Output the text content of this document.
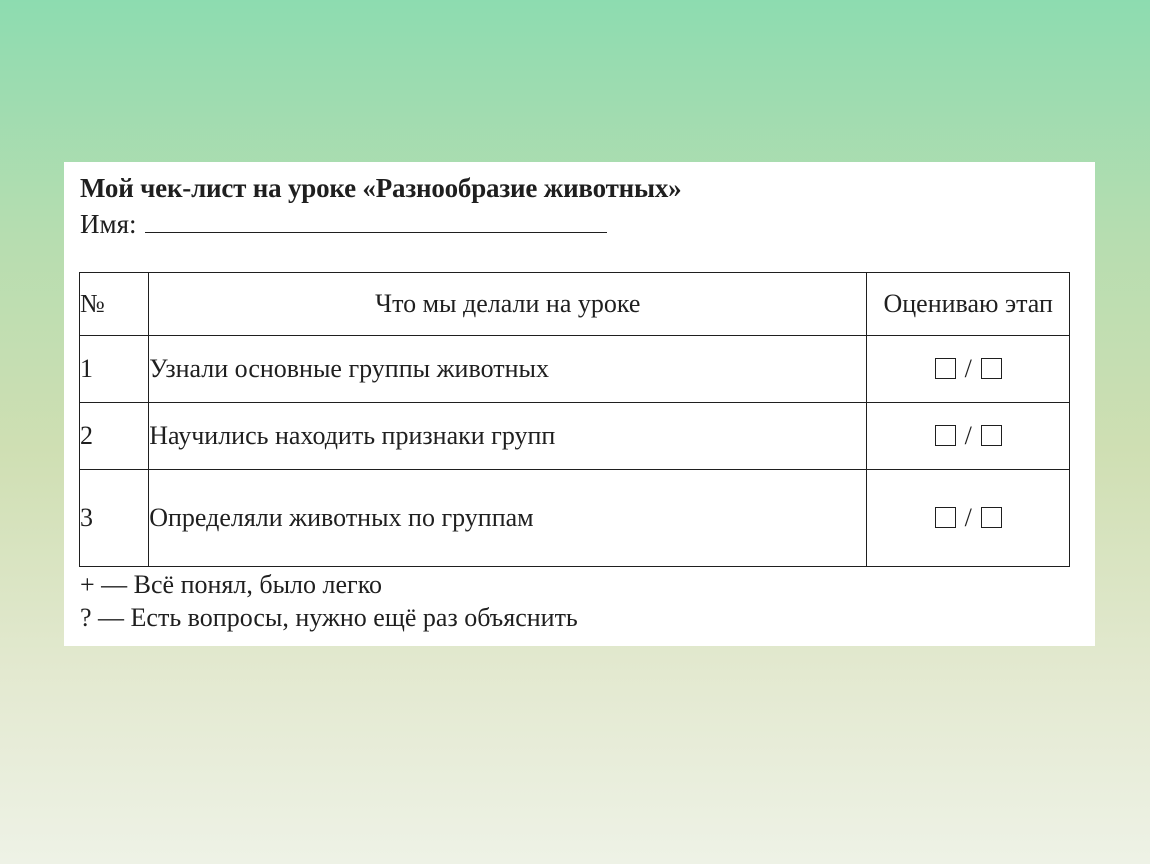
Мой чек-лист на уроке «Разнообразие животных»
Имя:
№	Что мы делали на уроке	Оцениваю этап
1	Узнали основные группы животных	/
2	Научились находить признаки групп	/
3	Определяли животных по группам	/
+ — Всё понял, было легко
? — Есть вопросы, нужно ещё раз объяснить
